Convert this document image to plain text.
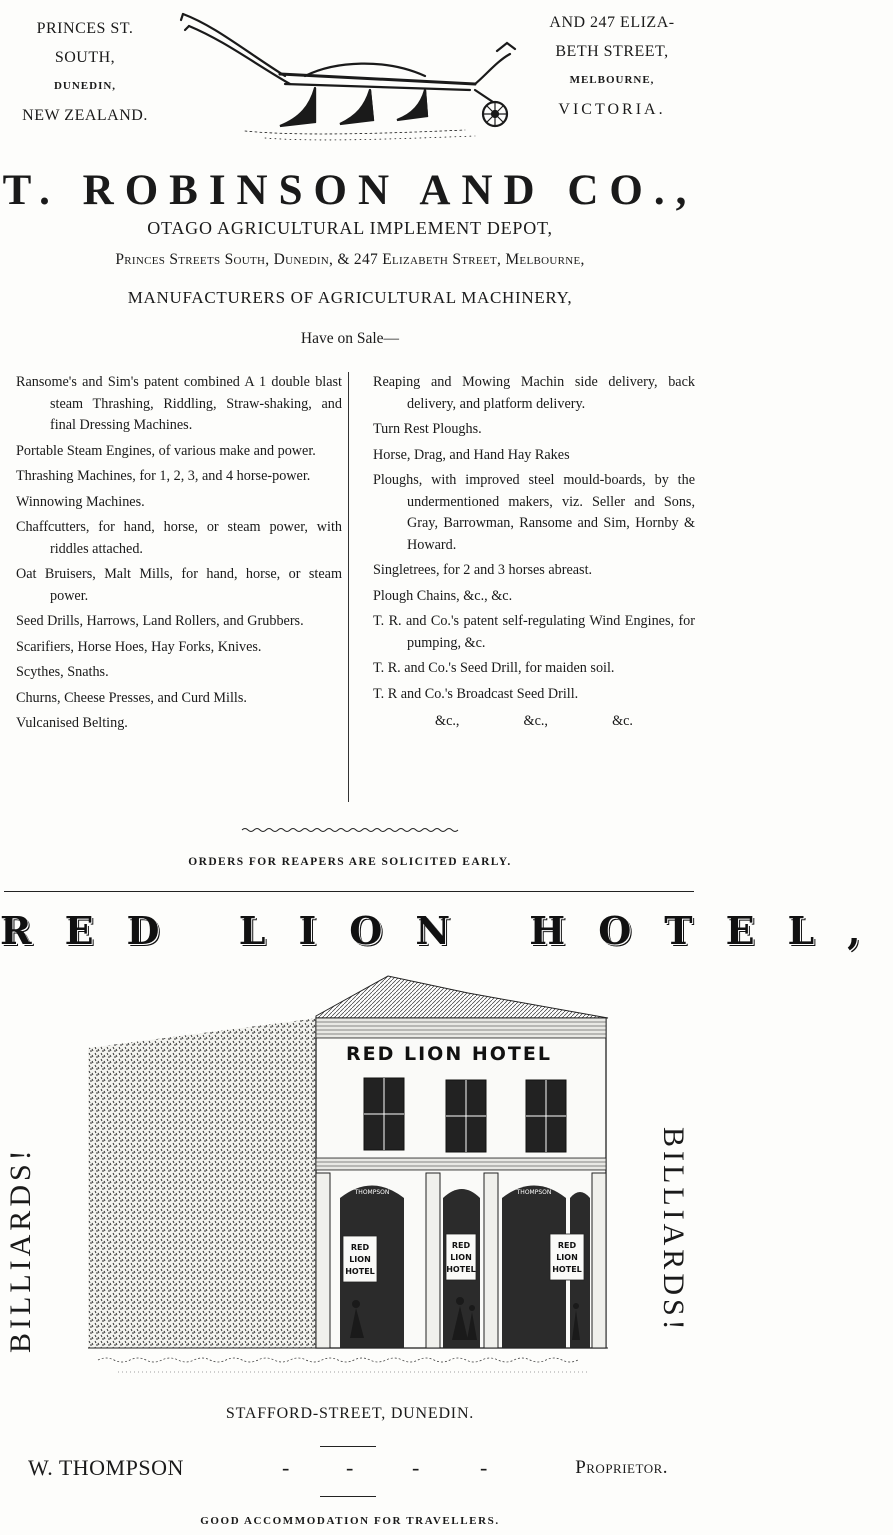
PRINCES ST.
SOUTH,
DUNEDIN,
NEW ZEALAND.
AND 247 ELIZA-
BETH STREET,
MELBOURNE,
VICTORIA.
T. ROBINSON AND CO.,
OTAGO AGRICULTURAL IMPLEMENT DEPOT,
Princes Streets South, Dunedin, & 247 Elizabeth Street, Melbourne,
MANUFACTURERS OF AGRICULTURAL MACHINERY,
Have on Sale—
Ransome's and Sim's patent combined A 1 double blast steam Thrashing, Riddling, Straw-shaking, and final Dressing Machines.
Portable Steam Engines, of various make and power.
Thrashing Machines, for 1, 2, 3, and 4 horse-power.
Winnowing Machines.
Chaffcutters, for hand, horse, or steam power, with riddles attached.
Oat Bruisers, Malt Mills, for hand, horse, or steam power.
Seed Drills, Harrows, Land Rollers, and Grubbers.
Scarifiers, Horse Hoes, Hay Forks, Knives.
Scythes, Snaths.
Churns, Cheese Presses, and Curd Mills.
Vulcanised Belting.
Reaping and Mowing Machin side delivery, back delivery, and platform delivery.
Turn Rest Ploughs.
Horse, Drag, and Hand Hay Rakes
Ploughs, with improved steel mould-boards, by the undermentioned makers, viz. Seller and Sons, Gray, Barrowman, Ransome and Sim, Hornby & Howard.
Singletrees, for 2 and 3 horses abreast.
Plough Chains, &c., &c.
T. R. and Co.'s patent self-regulating Wind Engines, for pumping, &c.
T. R. and Co.'s Seed Drill, for maiden soil.
T. R and Co.'s Broadcast Seed Drill.
&c.,	&c.,	&c.
ORDERS FOR REAPERS ARE SOLICITED EARLY.
RED LION HOTEL,
BILLIARDS!	BILLIARDS!
RED LION HOTEL
RED
LION
HOTEL
RED
LION
HOTEL
RED
LION
HOTEL
THOMPSON	THOMPSON
STAFFORD-STREET, DUNEDIN.
W. THOMPSON	-	-	-	-	Proprietor.
GOOD ACCOMMODATION FOR TRAVELLERS.
